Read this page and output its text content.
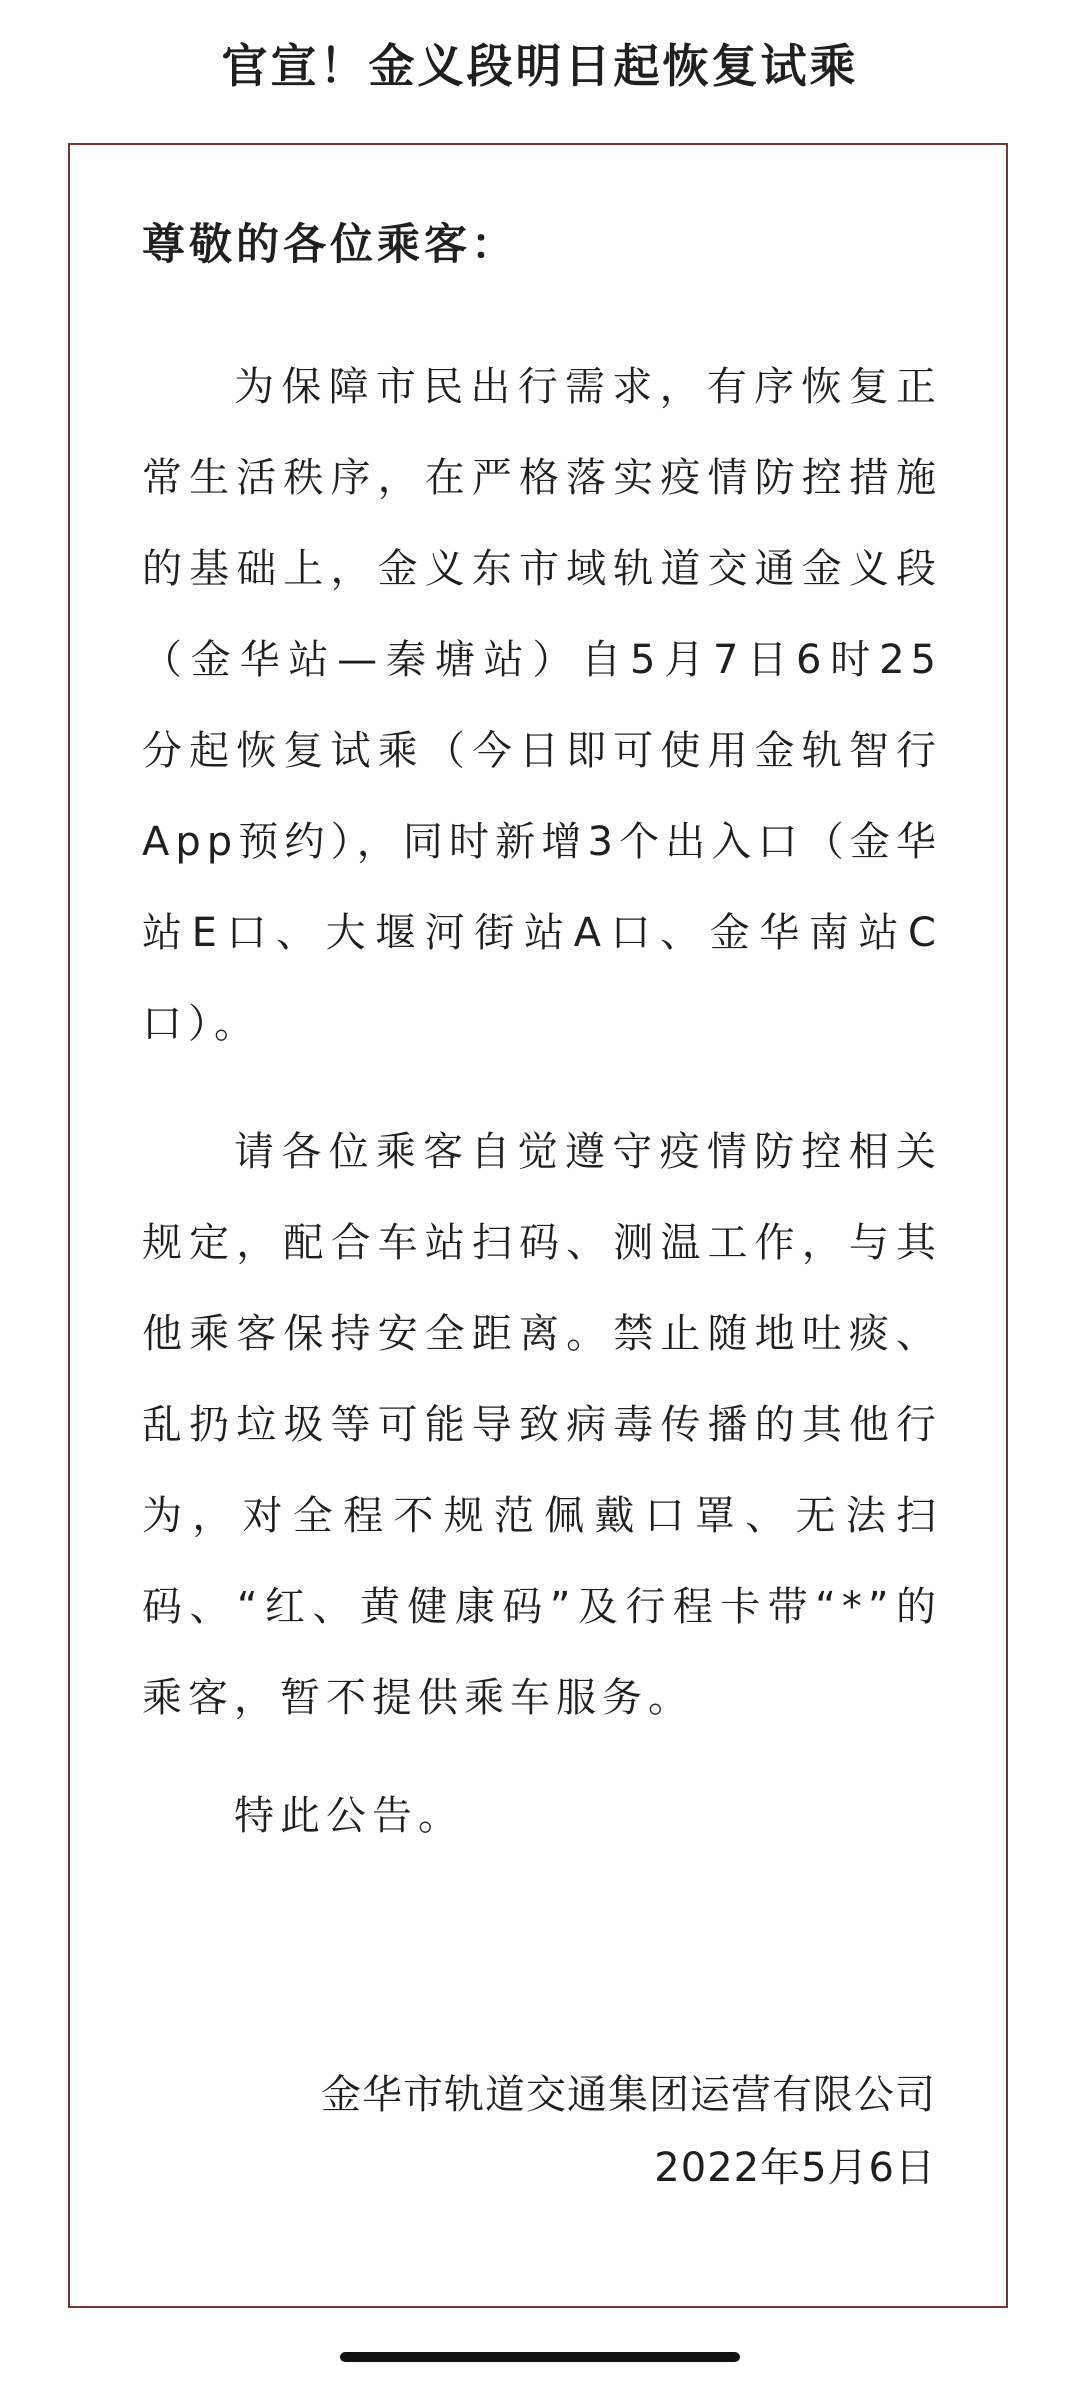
官宣！金义段明日起恢复试乘

尊敬的各位乘客：

为保障市民出行需求，有序恢复正常生活秩序，在严格落实疫情防控措施的基础上，金义东市域轨道交通金义段（金华站—秦塘站）自5月7日6时25分起恢复试乘（今日即可使用金轨智行App预约），同时新增3个出入口（金华站E口、大堰河街站A口、金华南站C口）。

请各位乘客自觉遵守疫情防控相关规定，配合车站扫码、测温工作，与其他乘客保持安全距离。禁止随地吐痰、乱扔垃圾等可能导致病毒传播的其他行为，对全程不规范佩戴口罩、无法扫码、“红、黄健康码”及行程卡带“*”的乘客，暂不提供乘车服务。

特此公告。

金华市轨道交通集团运营有限公司

2022年5月6日
